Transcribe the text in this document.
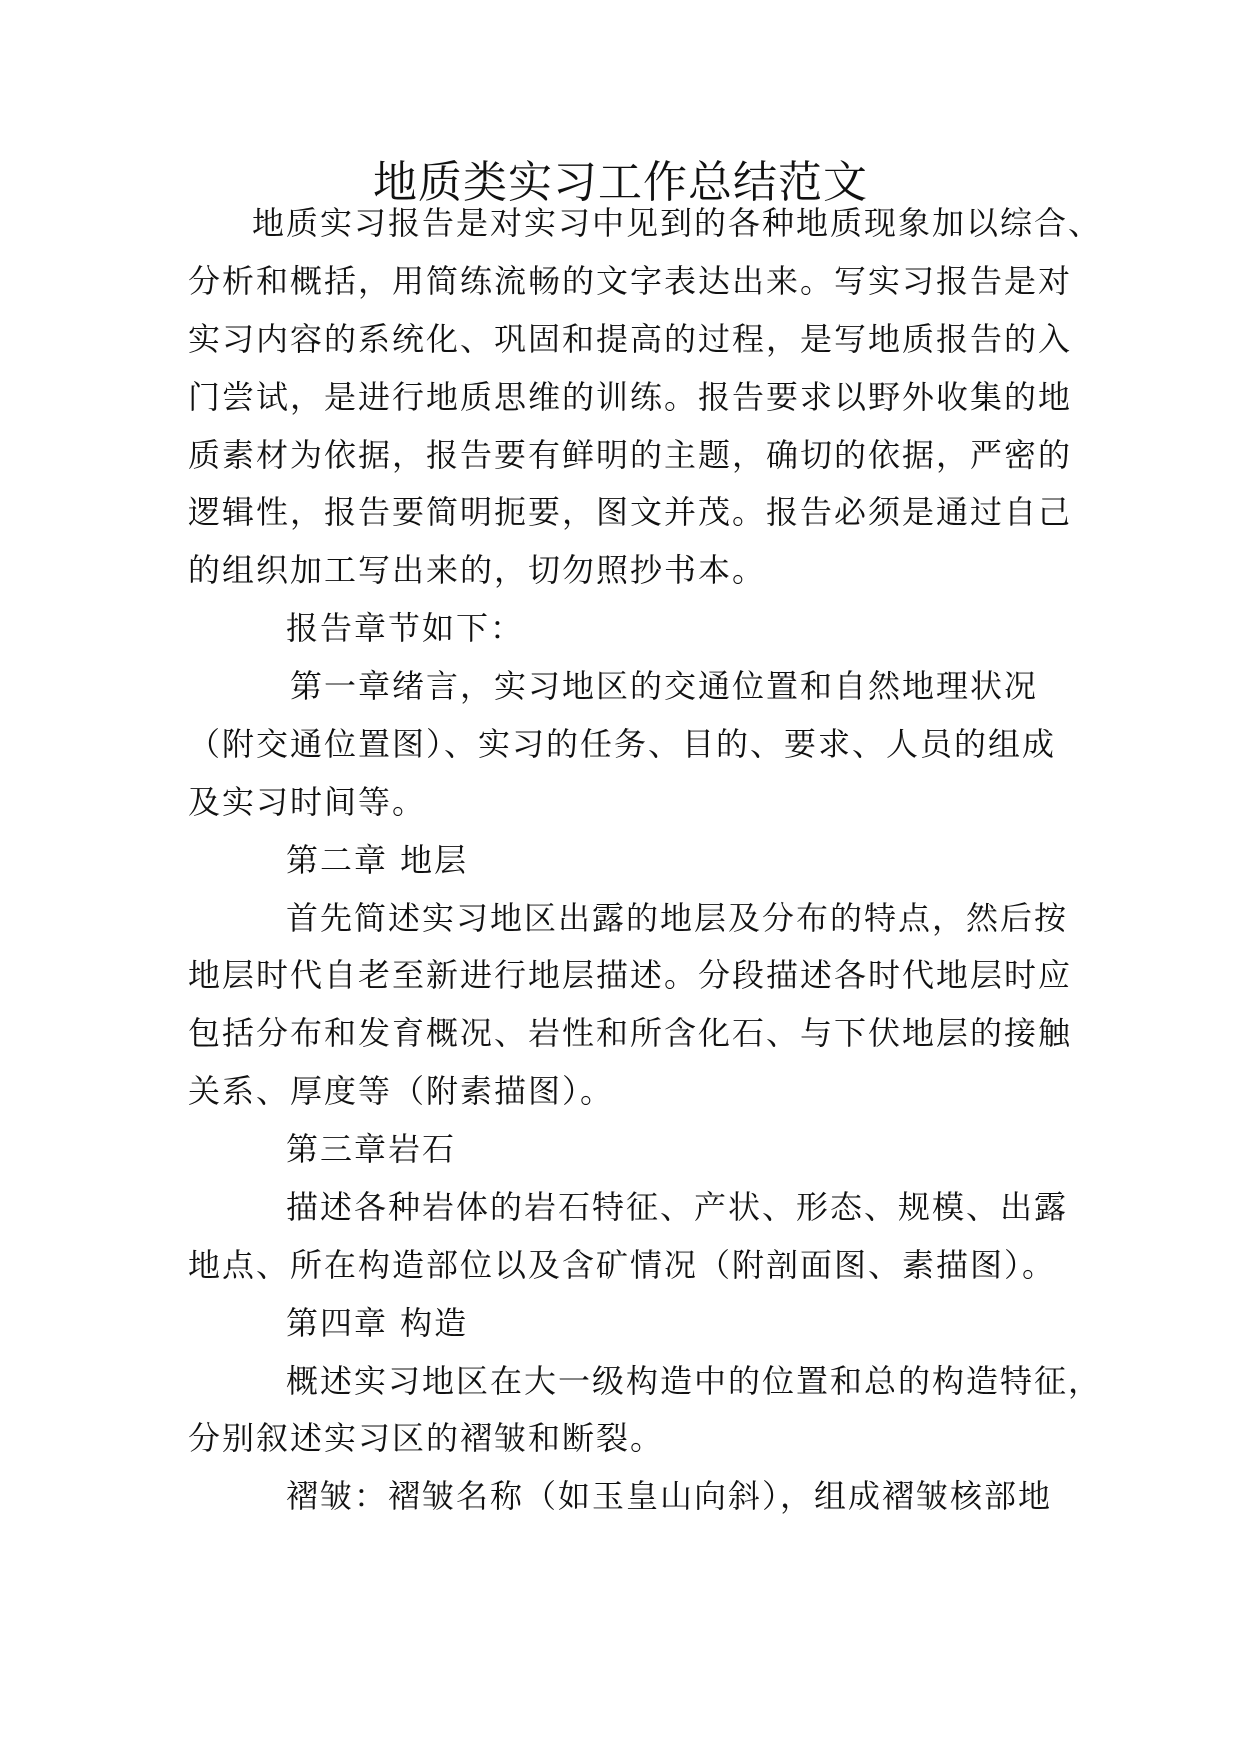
地质类实习工作总结范文

地质实习报告是对实习中见到的各种地质现象加以综合、

分析和概括，用简练流畅的文字表达出来。写实习报告是对

实习内容的系统化、巩固和提高的过程，是写地质报告的入

门尝试，是进行地质思维的训练。报告要求以野外收集的地

质素材为依据，报告要有鲜明的主题，确切的依据，严密的

逻辑性，报告要简明扼要，图文并茂。报告必须是通过自己

的组织加工写出来的，切勿照抄书本。

报告章节如下：

第一章绪言，实习地区的交通位置和自然地理状况

（附交通位置图）、实习的任务、目的、要求、人员的组成

及实习时间等。

第二章 地层

首先简述实习地区出露的地层及分布的特点，然后按

地层时代自老至新进行地层描述。分段描述各时代地层时应

包括分布和发育概况、岩性和所含化石、与下伏地层的接触

关系、厚度等（附素描图）。

第三章岩石

描述各种岩体的岩石特征、产状、形态、规模、出露

地点、所在构造部位以及含矿情况（附剖面图、素描图）。

第四章 构造

概述实习地区在大一级构造中的位置和总的构造特征，

分别叙述实习区的褶皱和断裂。

褶皱：褶皱名称（如玉皇山向斜），组成褶皱核部地
